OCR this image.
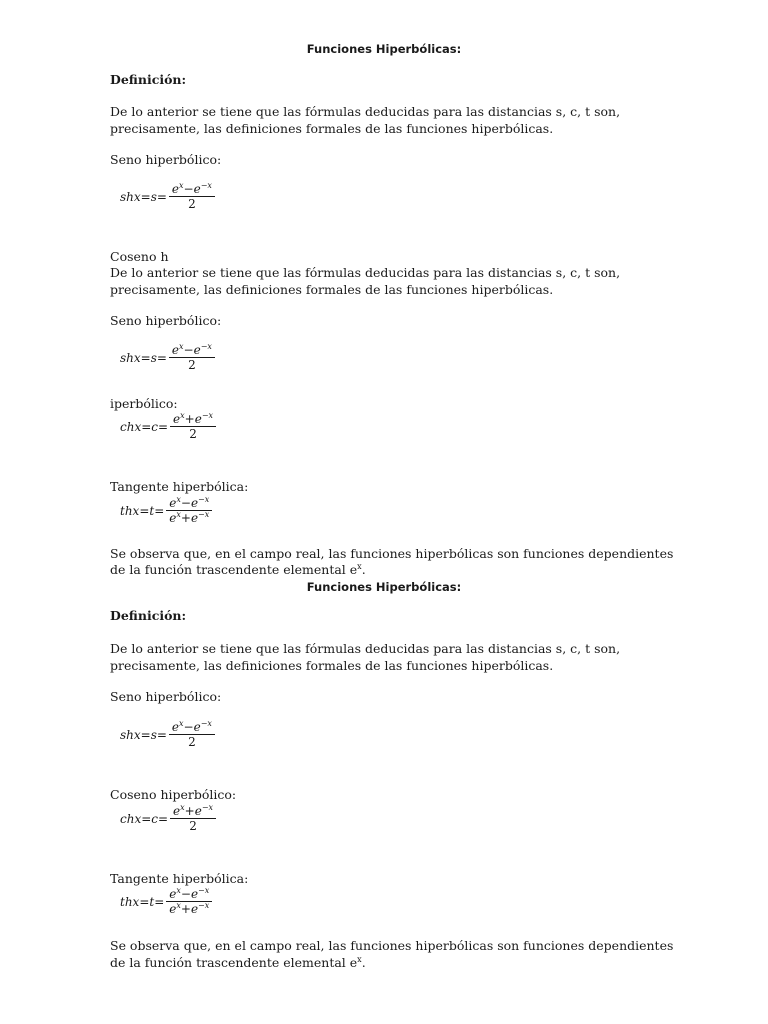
Funciones Hiperbólicas:
Definición:
De lo anterior se tiene que las fórmulas deducidas para las distancias s, c, t son,
precisamente, las definiciones formales de las funciones hiperbólicas.
Seno hiperbólico:
$shx=s= \frac{e^x-e^{-x}}{2}$
Coseno h
De lo anterior se tiene que las fórmulas deducidas para las distancias s, c, t son,
precisamente, las definiciones formales de las funciones hiperbólicas.
Seno hiperbólico:
$shx=s= \frac{e^x-e^{-x}}{2}$
iperbólico:
$chx=c= \frac{e^x+e^{-x}}{2}$
Tangente hiperbólica:
$thx=t= \frac{e^x-e^{-x}}{e^x+e^{-x}}$
Se observa que, en el campo real, las funciones hiperbólicas son funciones dependientes
de la función trascendente elemental $e^x$.
Funciones Hiperbólicas:
Definición:
De lo anterior se tiene que las fórmulas deducidas para las distancias s, c, t son,
precisamente, las definiciones formales de las funciones hiperbólicas.
Seno hiperbólico:
$shx=s= \frac{e^x-e^{-x}}{2}$
Coseno hiperbólico:
$chx=c= \frac{e^x+e^{-x}}{2}$
Tangente hiperbólica:
$thx=t= \frac{e^x-e^{-x}}{e^x+e^{-x}}$
Se observa que, en el campo real, las funciones hiperbólicas son funciones dependientes
de la función trascendente elemental $e^x$.
